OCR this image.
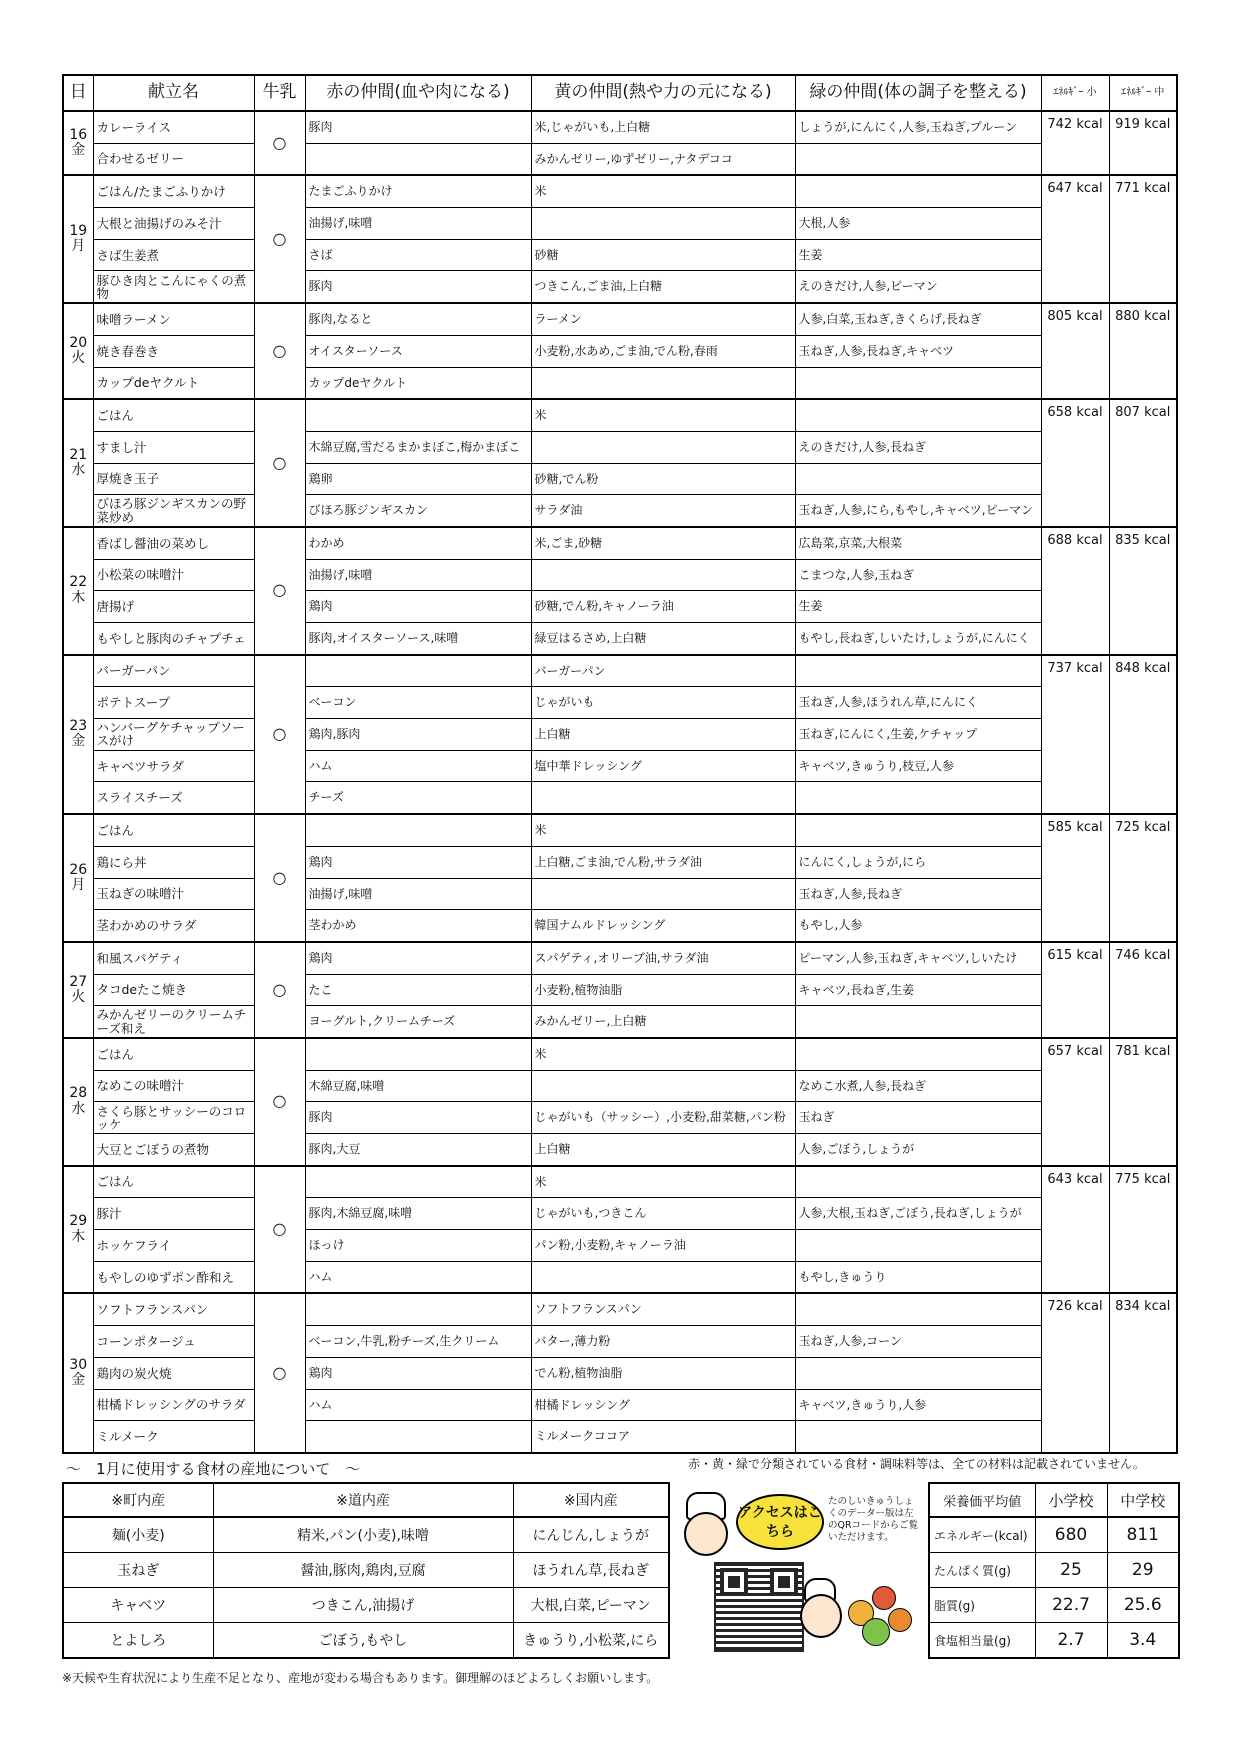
日	献立名	牛乳	赤の仲間(血や肉になる)	黄の仲間(熱や力の元になる)	緑の仲間(体の調子を整える)	ｴﾈﾙｷﾞｰ 小	ｴﾈﾙｷﾞｰ 中

16
金	カレーライス	○	豚肉	米,じゃがいも,上白糖	しょうが,にんにく,人参,玉ねぎ,プルーン	742 kcal	919 kcal
	合わせるゼリー			みかんゼリー,ゆずゼリー,ナタデココ			

19
月	ごはん/たまごふりかけ	○	たまごふりかけ	米		647 kcal	771 kcal
	大根と油揚げのみそ汁		油揚げ,味噌		大根,人参		
	さば生姜煮		さば	砂糖	生姜		
	豚ひき肉とこんにゃくの煮物		豚肉	つきこん,ごま油,上白糖	えのきだけ,人参,ピーマン		

20
火	味噌ラーメン	○	豚肉,なると	ラーメン	人参,白菜,玉ねぎ,きくらげ,長ねぎ	805 kcal	880 kcal
	焼き春巻き		オイスターソース	小麦粉,水あめ,ごま油,でん粉,春雨	玉ねぎ,人参,長ねぎ,キャベツ		
	カップdeヤクルト		カップdeヤクルト				

21
水	ごはん	○		米		658 kcal	807 kcal
	すまし汁		木綿豆腐,雪だるまかまぼこ,梅かまぼこ		えのきだけ,人参,長ねぎ		
	厚焼き玉子		鶏卵	砂糖,でん粉			
	びほろ豚ジンギスカンの野菜炒め		びほろ豚ジンギスカン	サラダ油	玉ねぎ,人参,にら,もやし,キャベツ,ピーマン		

22
木	香ばし醤油の菜めし	○	わかめ	米,ごま,砂糖	広島菜,京菜,大根菜	688 kcal	835 kcal
	小松菜の味噌汁		油揚げ,味噌		こまつな,人参,玉ねぎ		
	唐揚げ		鶏肉	砂糖,でん粉,キャノーラ油	生姜		
	もやしと豚肉のチャプチェ		豚肉,オイスターソース,味噌	緑豆はるさめ,上白糖	もやし,長ねぎ,しいたけ,しょうが,にんにく		

23
金	バーガーパン	○		バーガーパン		737 kcal	848 kcal
	ポテトスープ		ベーコン	じゃがいも	玉ねぎ,人参,ほうれん草,にんにく		
	ハンバーグケチャップソースがけ		鶏肉,豚肉	上白糖	玉ねぎ,にんにく,生姜,ケチャップ		
	キャベツサラダ		ハム	塩中華ドレッシング	キャベツ,きゅうり,枝豆,人参		
	スライスチーズ		チーズ				

26
月	ごはん	○		米		585 kcal	725 kcal
	鶏にら丼		鶏肉	上白糖,ごま油,でん粉,サラダ油	にんにく,しょうが,にら		
	玉ねぎの味噌汁		油揚げ,味噌		玉ねぎ,人参,長ねぎ		
	茎わかめのサラダ		茎わかめ	韓国ナムルドレッシング	もやし,人参		

27
火	和風スパゲティ	○	鶏肉	スパゲティ,オリーブ油,サラダ油	ピーマン,人参,玉ねぎ,キャベツ,しいたけ	615 kcal	746 kcal
	タコdeたこ焼き		たこ	小麦粉,植物油脂	キャベツ,長ねぎ,生姜		
	みかんゼリーのクリームチーズ和え		ヨーグルト,クリームチーズ	みかんゼリー,上白糖			

28
水	ごはん	○		米		657 kcal	781 kcal
	なめこの味噌汁		木綿豆腐,味噌		なめこ水煮,人参,長ねぎ		
	さくら豚とサッシーのコロッケ		豚肉	じゃがいも（サッシー）,小麦粉,甜菜糖,パン粉	玉ねぎ		
	大豆とごぼうの煮物		豚肉,大豆	上白糖	人参,ごぼう,しょうが		

29
木	ごはん	○		米		643 kcal	775 kcal
	豚汁		豚肉,木綿豆腐,味噌	じゃがいも,つきこん	人参,大根,玉ねぎ,ごぼう,長ねぎ,しょうが		
	ホッケフライ		ほっけ	パン粉,小麦粉,キャノーラ油			
	もやしのゆずポン酢和え		ハム		もやし,きゅうり		

30
金	ソフトフランスパン	○		ソフトフランスパン		726 kcal	834 kcal
	コーンポタージュ		ベーコン,牛乳,粉チーズ,生クリーム	バター,薄力粉	玉ねぎ,人参,コーン		
	鶏肉の炭火焼		鶏肉	でん粉,植物油脂			
	柑橘ドレッシングのサラダ		ハム	柑橘ドレッシング	キャベツ,きゅうり,人参		
	ミルメーク			ミルメークココア			
赤・黄・緑で分類されている食材・調味料等は、全ての材料は記載されていません。
～　1月に使用する食材の産地について　～
※町内産	※道内産	※国内産
麺(小麦)	精米,パン(小麦),味噌	にんじん,しょうが
玉ねぎ	醤油,豚肉,鶏肉,豆腐	ほうれん草,長ねぎ
キャベツ	つきこん,油揚げ	大根,白菜,ピーマン
とよしろ	ごぼう,もやし	きゅうり,小松菜,にら
アクセスはこちら
たのしいきゅうしょくのデーター版は左のQRコードからご覧いただけます。
栄養価平均値	小学校	中学校
エネルギー(kcal)	680	811
たんぱく質(g)	25	29
脂質(g)	22.7	25.6
食塩相当量(g)	2.7	3.4
※天候や生育状況により生産不足となり、産地が変わる場合もあります。御理解のほどよろしくお願いします。
